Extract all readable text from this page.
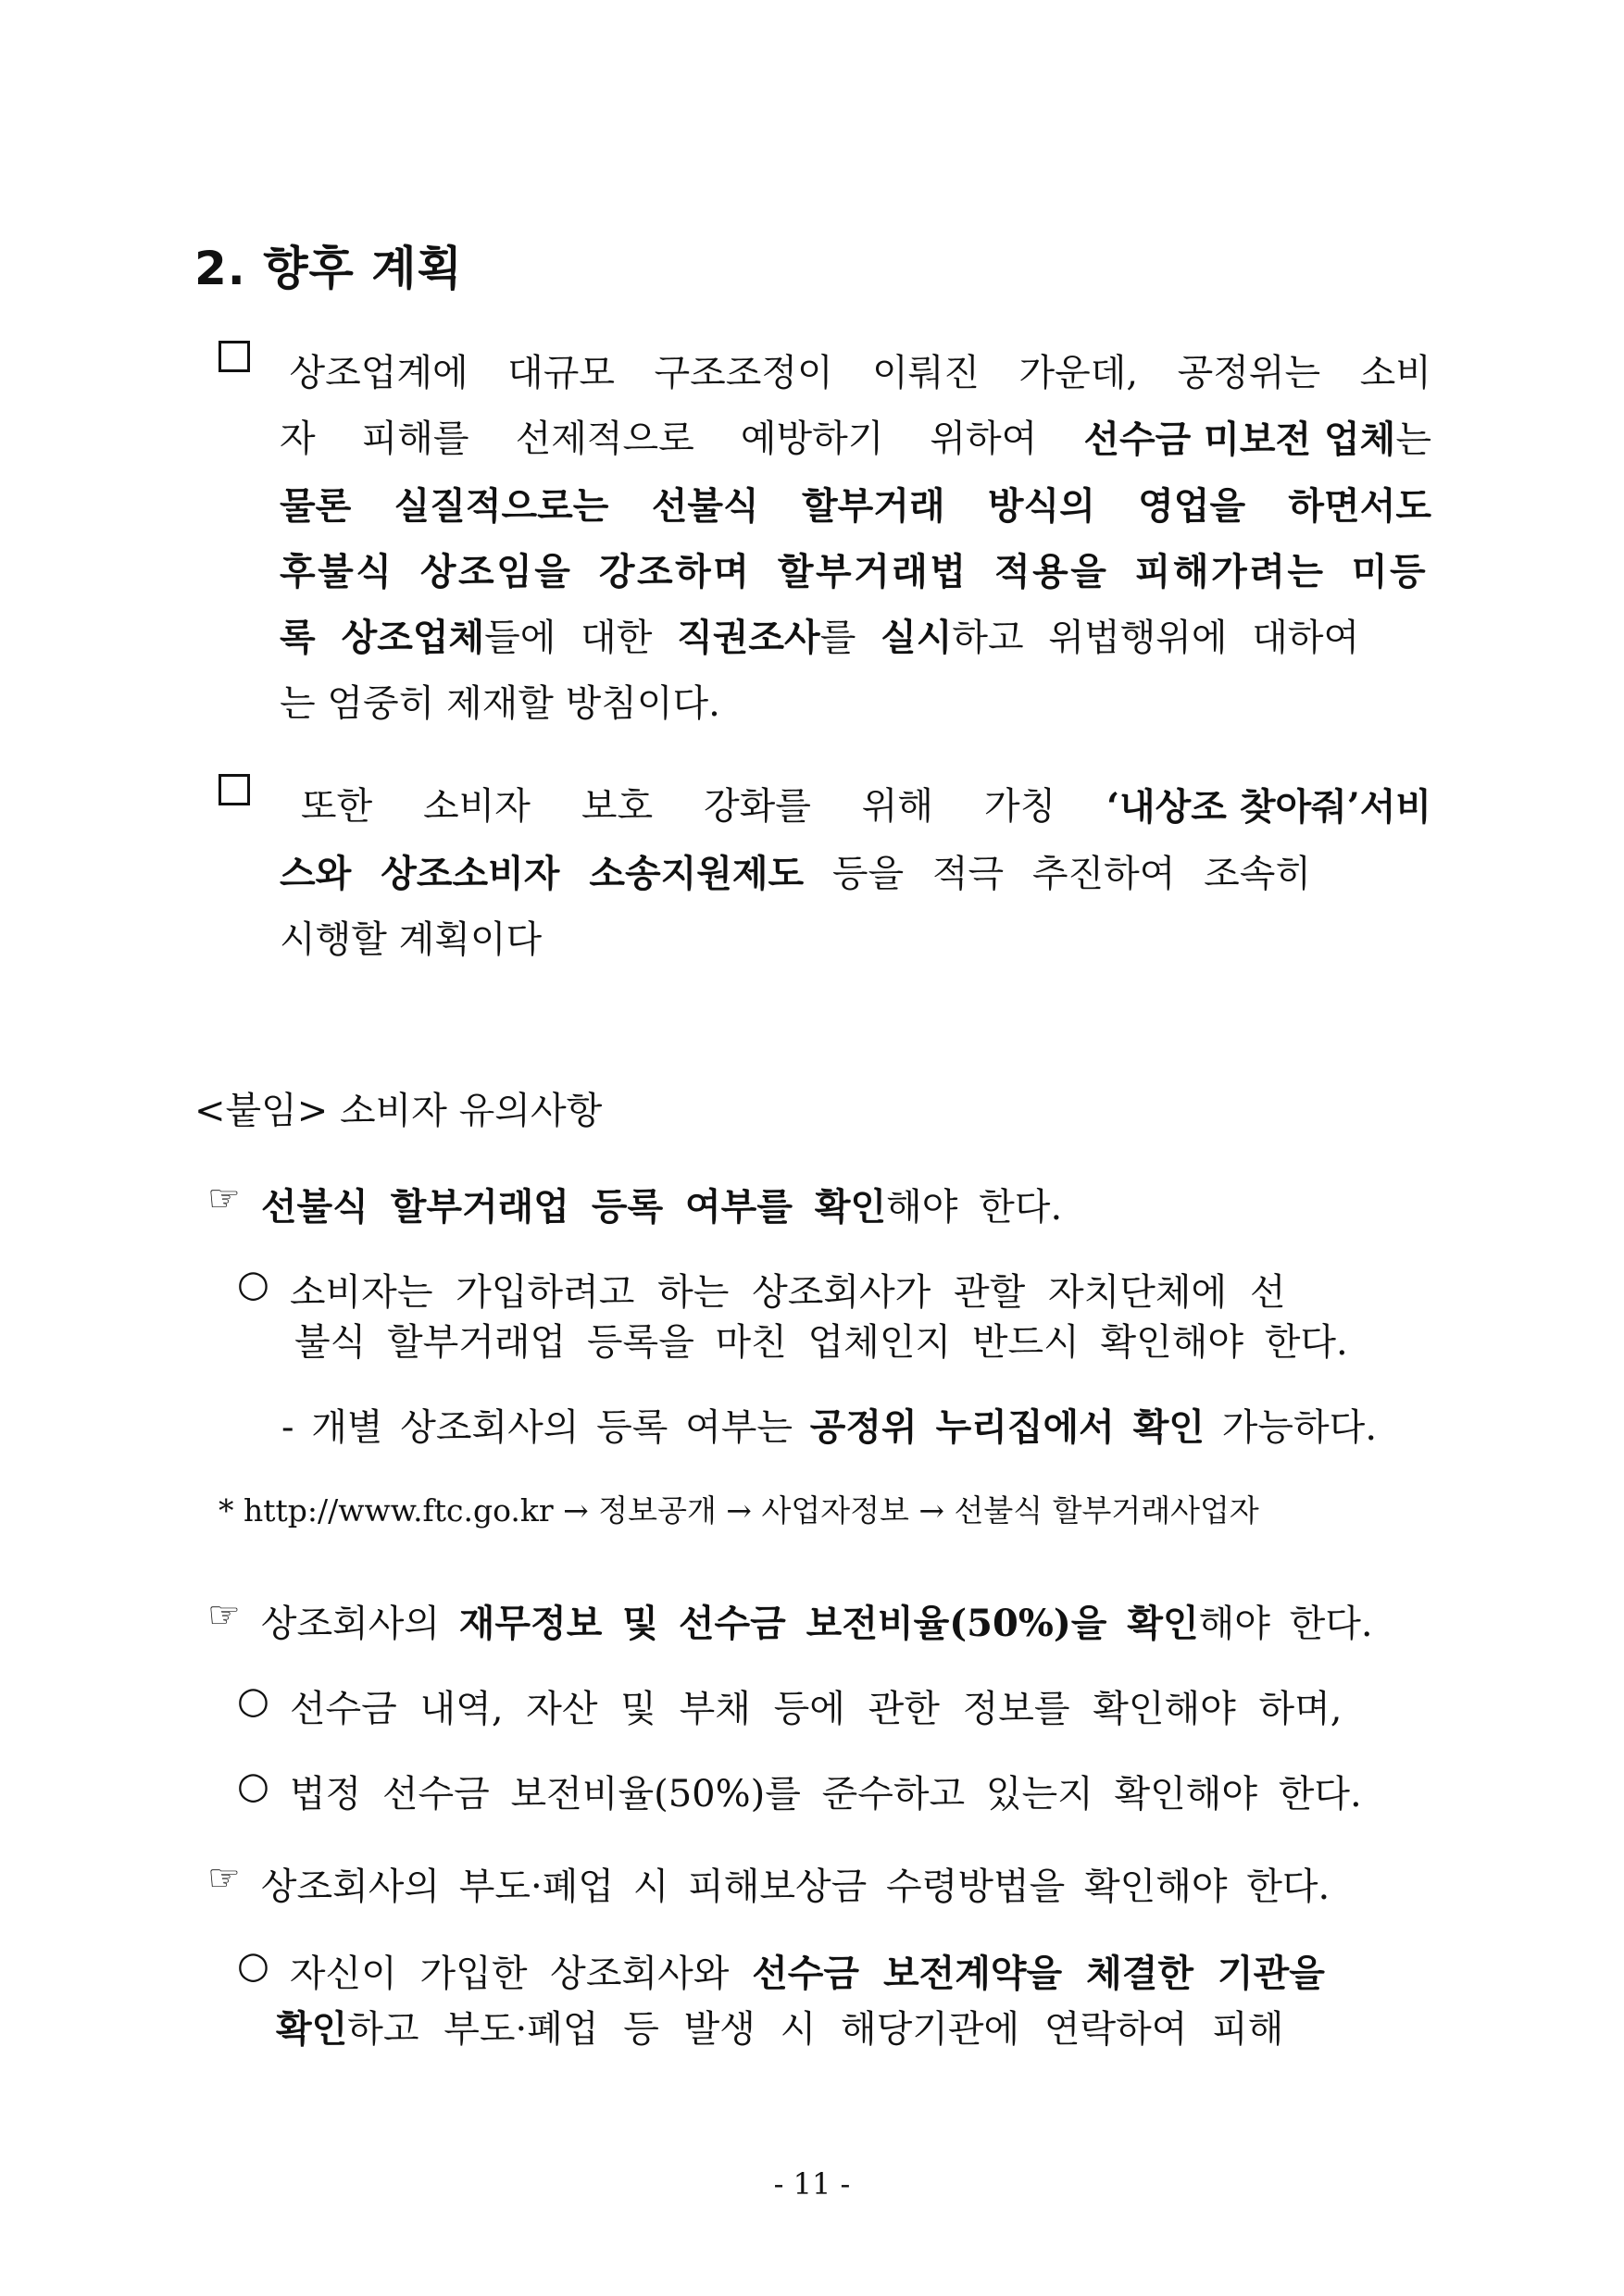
2. 향후 계획
상조업계에 대규모 구조조정이 이뤄진 가운데, 공정위는 소비
자 피해를 선제적으로 예방하기 위하여 선수금 미보전 업체는
물론 실질적으로는 선불식 할부거래 방식의 영업을 하면서도
후불식 상조임을 강조하며 할부거래법 적용을 피해가려는 미등
록 상조업체들에 대한 직권조사를 실시하고 위법행위에 대하여
는 엄중히 제재할 방침이다.
또한 소비자 보호 강화를 위해 가칭 ‘내상조 찾아줘’서비
스와 상조소비자 소송지원제도 등을 적극 추진하여 조속히
시행할 계획이다
<붙임> 소비자 유의사항
☞ 선불식 할부거래업 등록 여부를 확인해야 한다.
○ 소비자는 가입하려고 하는 상조회사가 관할 자치단체에 선
불식 할부거래업 등록을 마친 업체인지 반드시 확인해야 한다.
- 개별 상조회사의 등록 여부는 공정위 누리집에서 확인 가능하다.
* http://www.ftc.go.kr → 정보공개 → 사업자정보 → 선불식 할부거래사업자
☞ 상조회사의 재무정보 및 선수금 보전비율(50%)을 확인해야 한다.
○ 선수금 내역, 자산 및 부채 등에 관한 정보를 확인해야 하며,
○ 법정 선수금 보전비율(50%)를 준수하고 있는지 확인해야 한다.
☞ 상조회사의 부도·폐업 시 피해보상금 수령방법을 확인해야 한다.
○ 자신이 가입한 상조회사와 선수금 보전계약을 체결한 기관을
확인하고 부도·폐업 등 발생 시 해당기관에 연락하여 피해
- 11 -
